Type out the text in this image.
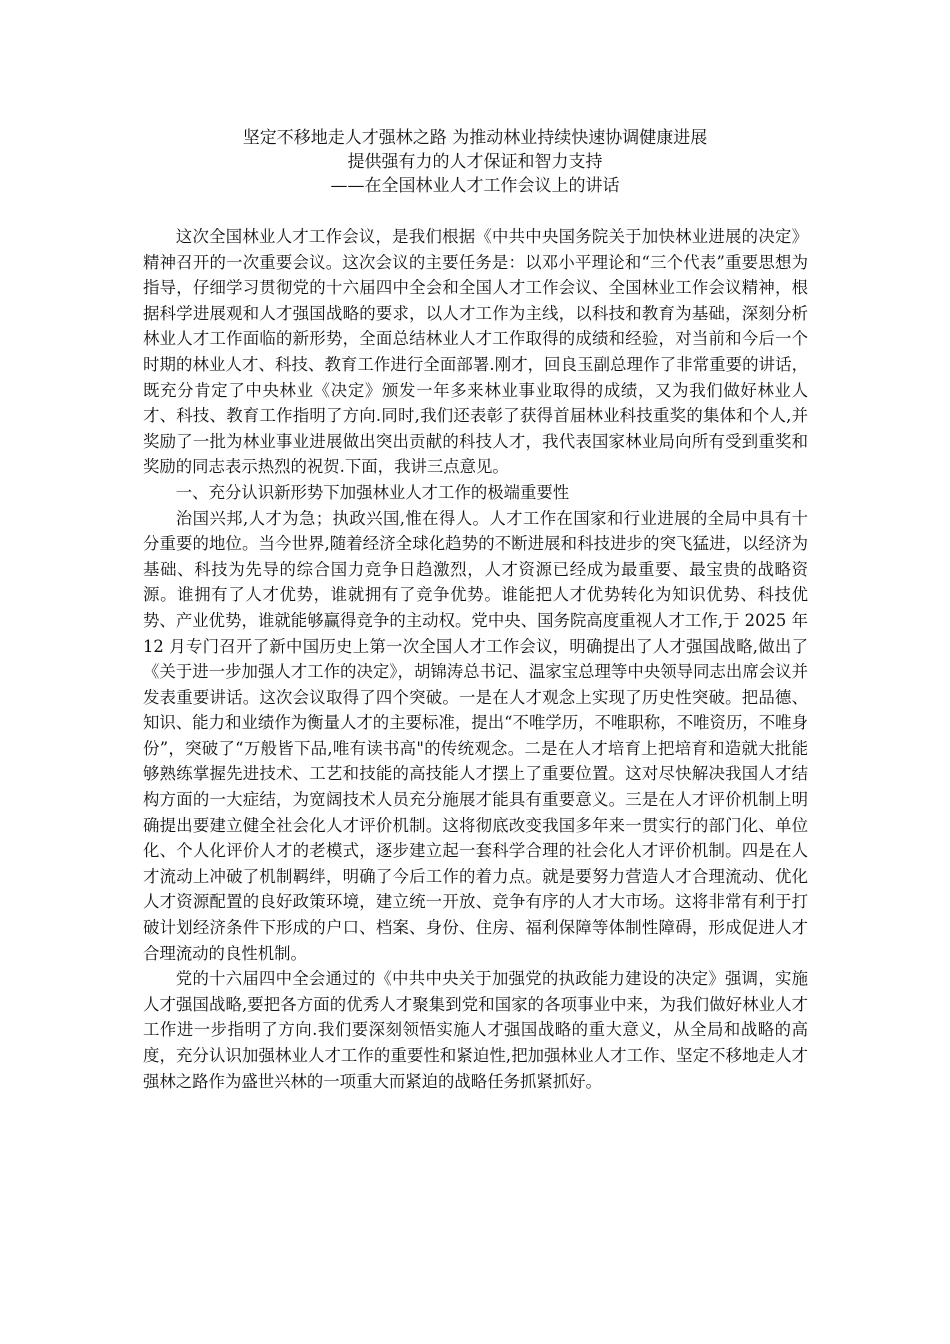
坚定不移地走人才强林之路 为推动林业持续快速协调健康进展
提供强有力的人才保证和智力支持
——在全国林业人才工作会议上的讲话

这次全国林业人才工作会议，是我们根据《中共中央国务院关于加快林业进展的决定》精神召开的一次重要会议。这次会议的主要任务是：以邓小平理论和“三个代表”重要思想为指导，仔细学习贯彻党的十六届四中全会和全国人才工作会议、全国林业工作会议精神，根据科学进展观和人才强国战略的要求，以人才工作为主线，以科技和教育为基础，深刻分析林业人才工作面临的新形势，全面总结林业人才工作取得的成绩和经验，对当前和今后一个时期的林业人才、科技、教育工作进行全面部署.刚才，回良玉副总理作了非常重要的讲话，既充分肯定了中央林业《决定》颁发一年多来林业事业取得的成绩，又为我们做好林业人才、科技、教育工作指明了方向.同时,我们还表彰了获得首届林业科技重奖的集体和个人,并奖励了一批为林业事业进展做出突出贡献的科技人才，我代表国家林业局向所有受到重奖和奖励的同志表示热烈的祝贺.下面，我讲三点意见。

一、充分认识新形势下加强林业人才工作的极端重要性

治国兴邦,人才为急；执政兴国,惟在得人。人才工作在国家和行业进展的全局中具有十分重要的地位。当今世界,随着经济全球化趋势的不断进展和科技进步的突飞猛进，以经济为基础、科技为先导的综合国力竞争日趋激烈，人才资源已经成为最重要、最宝贵的战略资源。谁拥有了人才优势，谁就拥有了竞争优势。谁能把人才优势转化为知识优势、科技优势、产业优势，谁就能够赢得竞争的主动权。党中央、国务院高度重视人才工作,于 2025 年 12 月专门召开了新中国历史上第一次全国人才工作会议，明确提出了人才强国战略,做出了《关于进一步加强人才工作的决定》，胡锦涛总书记、温家宝总理等中央领导同志出席会议并发表重要讲话。这次会议取得了四个突破。一是在人才观念上实现了历史性突破。把品德、知识、能力和业绩作为衡量人才的主要标准，提出“不唯学历，不唯职称，不唯资历，不唯身份”，突破了“万般皆下品,唯有读书高"的传统观念。二是在人才培育上把培育和造就大批能够熟练掌握先进技术、工艺和技能的高技能人才摆上了重要位置。这对尽快解决我国人才结构方面的一大症结，为宽阔技术人员充分施展才能具有重要意义。三是在人才评价机制上明确提出要建立健全社会化人才评价机制。这将彻底改变我国多年来一贯实行的部门化、单位化、个人化评价人才的老模式，逐步建立起一套科学合理的社会化人才评价机制。四是在人才流动上冲破了机制羁绊，明确了今后工作的着力点。就是要努力营造人才合理流动、优化人才资源配置的良好政策环境，建立统一开放、竞争有序的人才大市场。这将非常有利于打破计划经济条件下形成的户口、档案、身份、住房、福利保障等体制性障碍，形成促进人才合理流动的良性机制。

党的十六届四中全会通过的《中共中央关于加强党的执政能力建设的决定》强调，实施人才强国战略,要把各方面的优秀人才聚集到党和国家的各项事业中来，为我们做好林业人才工作进一步指明了方向.我们要深刻领悟实施人才强国战略的重大意义，从全局和战略的高度，充分认识加强林业人才工作的重要性和紧迫性,把加强林业人才工作、坚定不移地走人才强林之路作为盛世兴林的一项重大而紧迫的战略任务抓紧抓好。
